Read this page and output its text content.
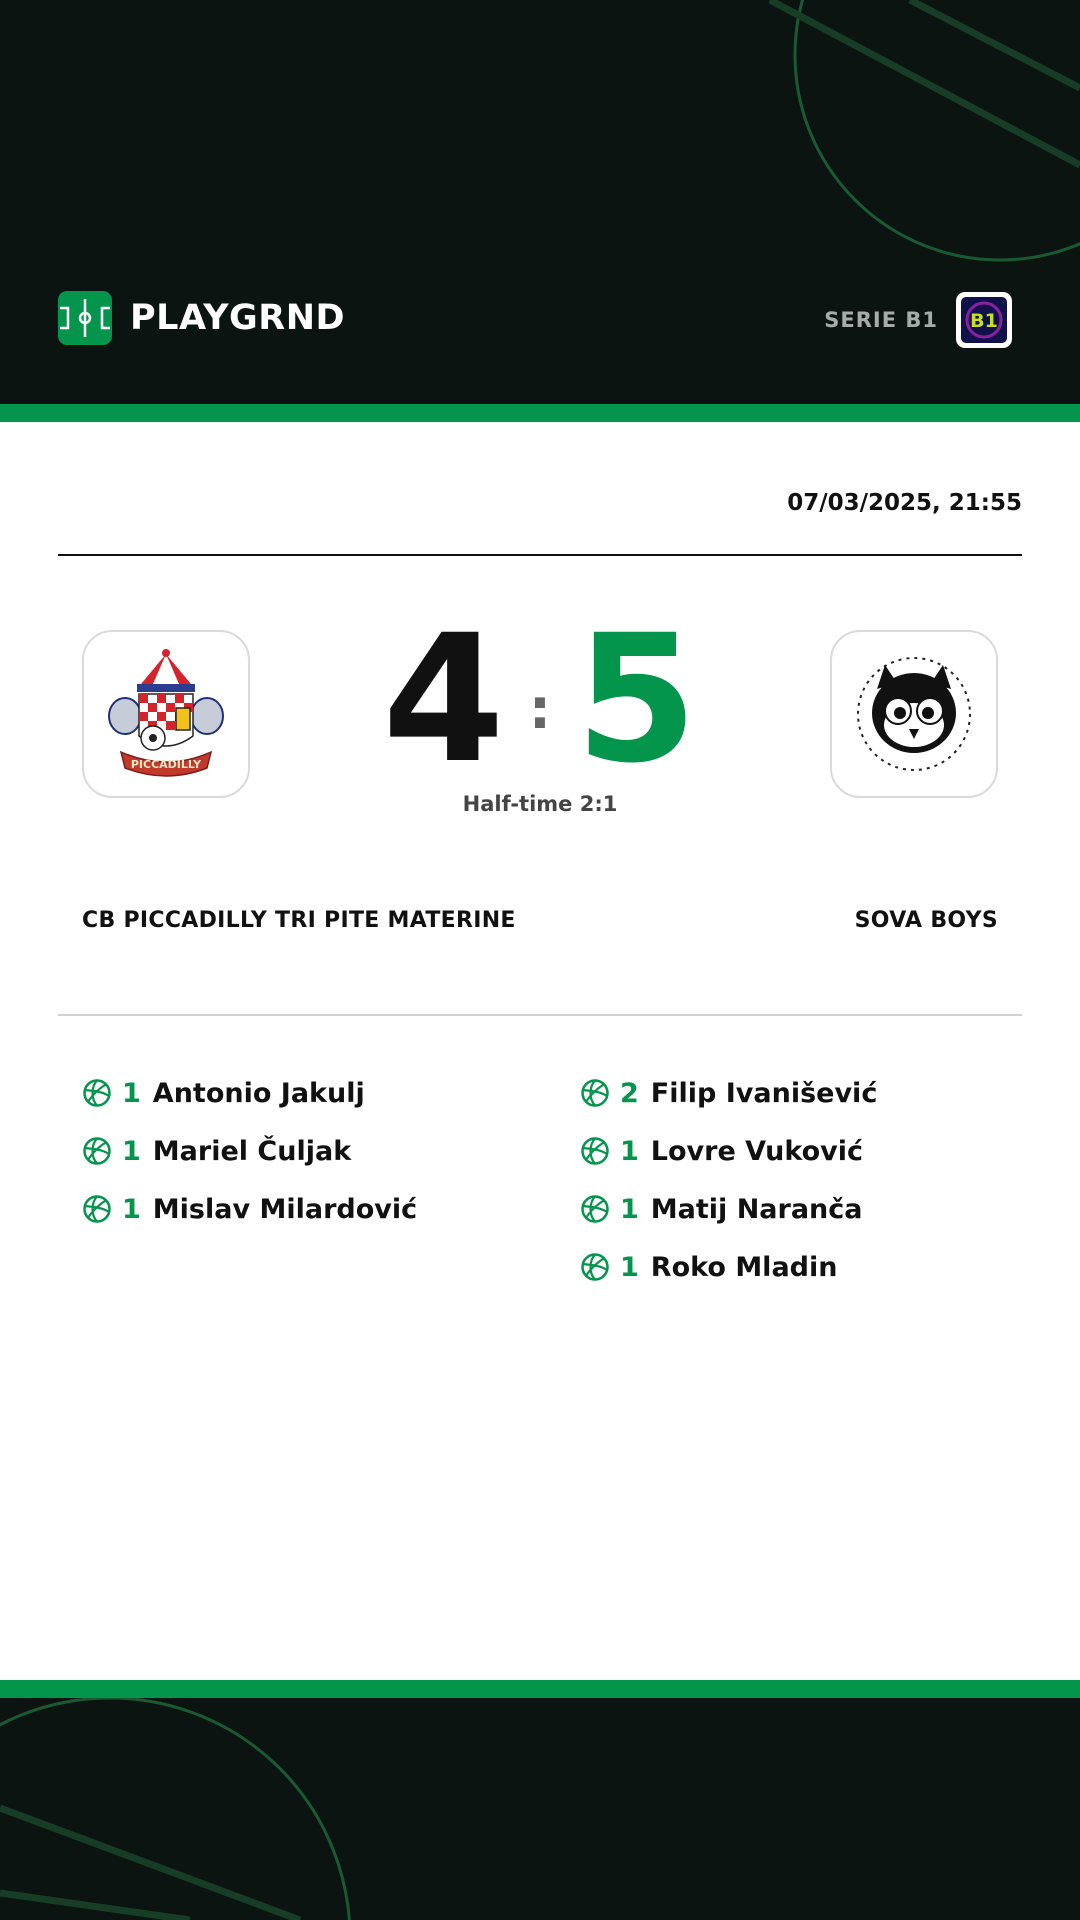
PLAYGRND	SERIE B1 B1
07/03/2025, 21:55
PICCADILLY	4 : 5
Half-time 2:1
CB PICCADILLY TRI PITE MATERINE	SOVA BOYS
1 Antonio Jakulj
1 Mariel Čuljak
1 Mislav Milardović
2 Filip Ivanišević
1 Lovre Vuković
1 Matij Naranča
1 Roko Mladin
